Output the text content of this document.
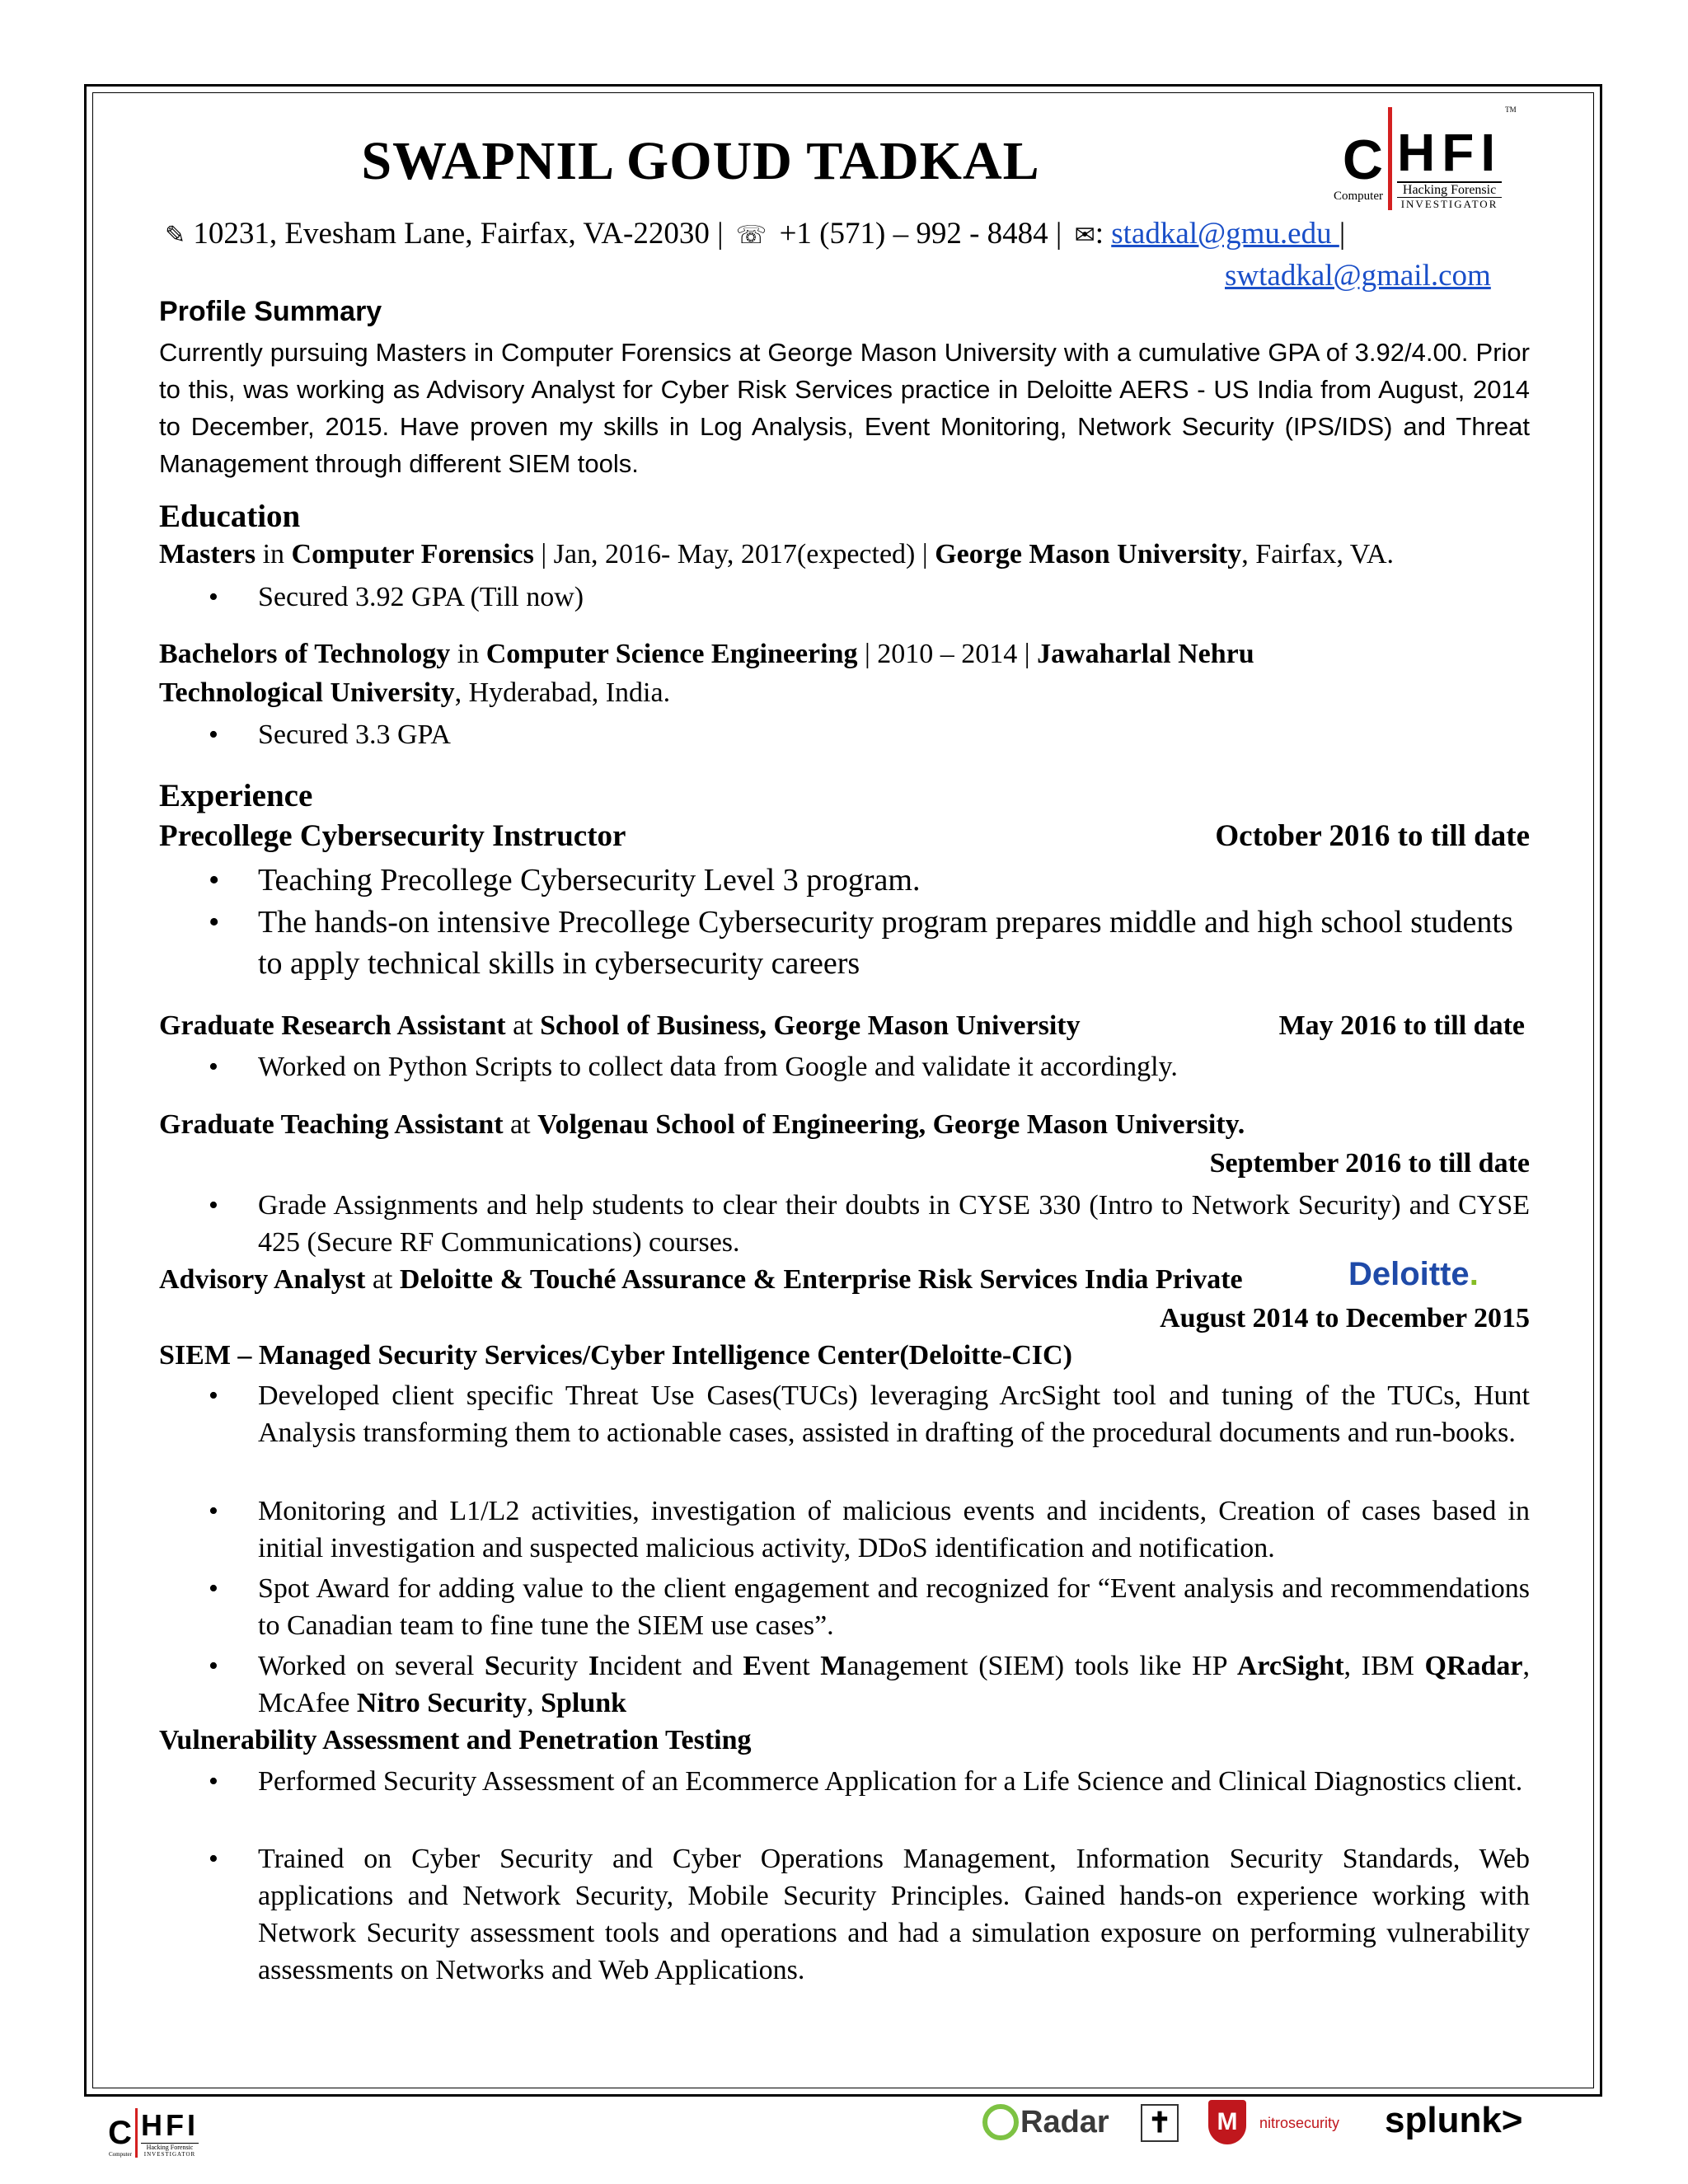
SWAPNIL GOUD TADKAL	C
Computer
HFI
Hacking Forensic
INVESTIGATOR
TM
✎ 10231, Evesham Lane, Fairfax, VA-22030 | ☏ +1 (571) – 992 - 8484 | ✉: stadkal@gmu.edu |
swtadkal@gmail.com
Profile Summary
Currently pursuing Masters in Computer Forensics at George Mason University with a cumulative GPA of 3.92/4.00. Prior to this, was working as Advisory Analyst for Cyber Risk Services practice in Deloitte AERS - US India from August, 2014 to December, 2015. Have proven my skills in Log Analysis, Event Monitoring, Network Security (IPS/IDS) and Threat Management through different SIEM tools.
Education
Masters in Computer Forensics | Jan, 2016- May, 2017(expected) | George Mason University, Fairfax, VA.
• Secured 3.92 GPA (Till now)
Bachelors of Technology in Computer Science Engineering | 2010 – 2014 | Jawaharlal Nehru
Technological University, Hyderabad, India.
• Secured 3.3 GPA
Experience
Precollege Cybersecurity Instructor	October 2016 to till date
• Teaching Precollege Cybersecurity Level 3 program.
• The hands-on intensive Precollege Cybersecurity program prepares middle and high school students to apply technical skills in cybersecurity careers
Graduate Research Assistant at School of Business, George Mason University	May 2016 to till date
• Worked on Python Scripts to collect data from Google and validate it accordingly.
Graduate Teaching Assistant at Volgenau School of Engineering, George Mason University.
September 2016 to till date
• Grade Assignments and help students to clear their doubts in CYSE 330 (Intro to Network Security) and CYSE 425 (Secure RF Communications) courses.
Advisory Analyst at Deloitte & Touché Assurance & Enterprise Risk Services India Private	Deloitte.
August 2014 to December 2015
SIEM – Managed Security Services/Cyber Intelligence Center(Deloitte-CIC)
• Developed client specific Threat Use Cases(TUCs) leveraging ArcSight tool and tuning of the TUCs, Hunt Analysis transforming them to actionable cases, assisted in drafting of the procedural documents and run-books.
• Monitoring and L1/L2 activities, investigation of malicious events and incidents, Creation of cases based in initial investigation and suspected malicious activity, DDoS identification and notification.
• Spot Award for adding value to the client engagement and recognized for “Event analysis and recommendations to Canadian team to fine tune the SIEM use cases”.
• Worked on several Security Incident and Event Management (SIEM) tools like HP ArcSight, IBM QRadar, McAfee Nitro Security, Splunk
Vulnerability Assessment and Penetration Testing
• Performed Security Assessment of an Ecommerce Application for a Life Science and Clinical Diagnostics client.
• Trained on Cyber Security and Cyber Operations Management, Information Security Standards, Web applications and Network Security, Mobile Security Principles. Gained hands-on experience working with Network Security assessment tools and operations and had a simulation exposure on performing vulnerability assessments on Networks and Web Applications.
C
Computer
HFI
Hacking Forensic
INVESTIGATOR
Radar ✝	M	nitrosecurity splunk>
